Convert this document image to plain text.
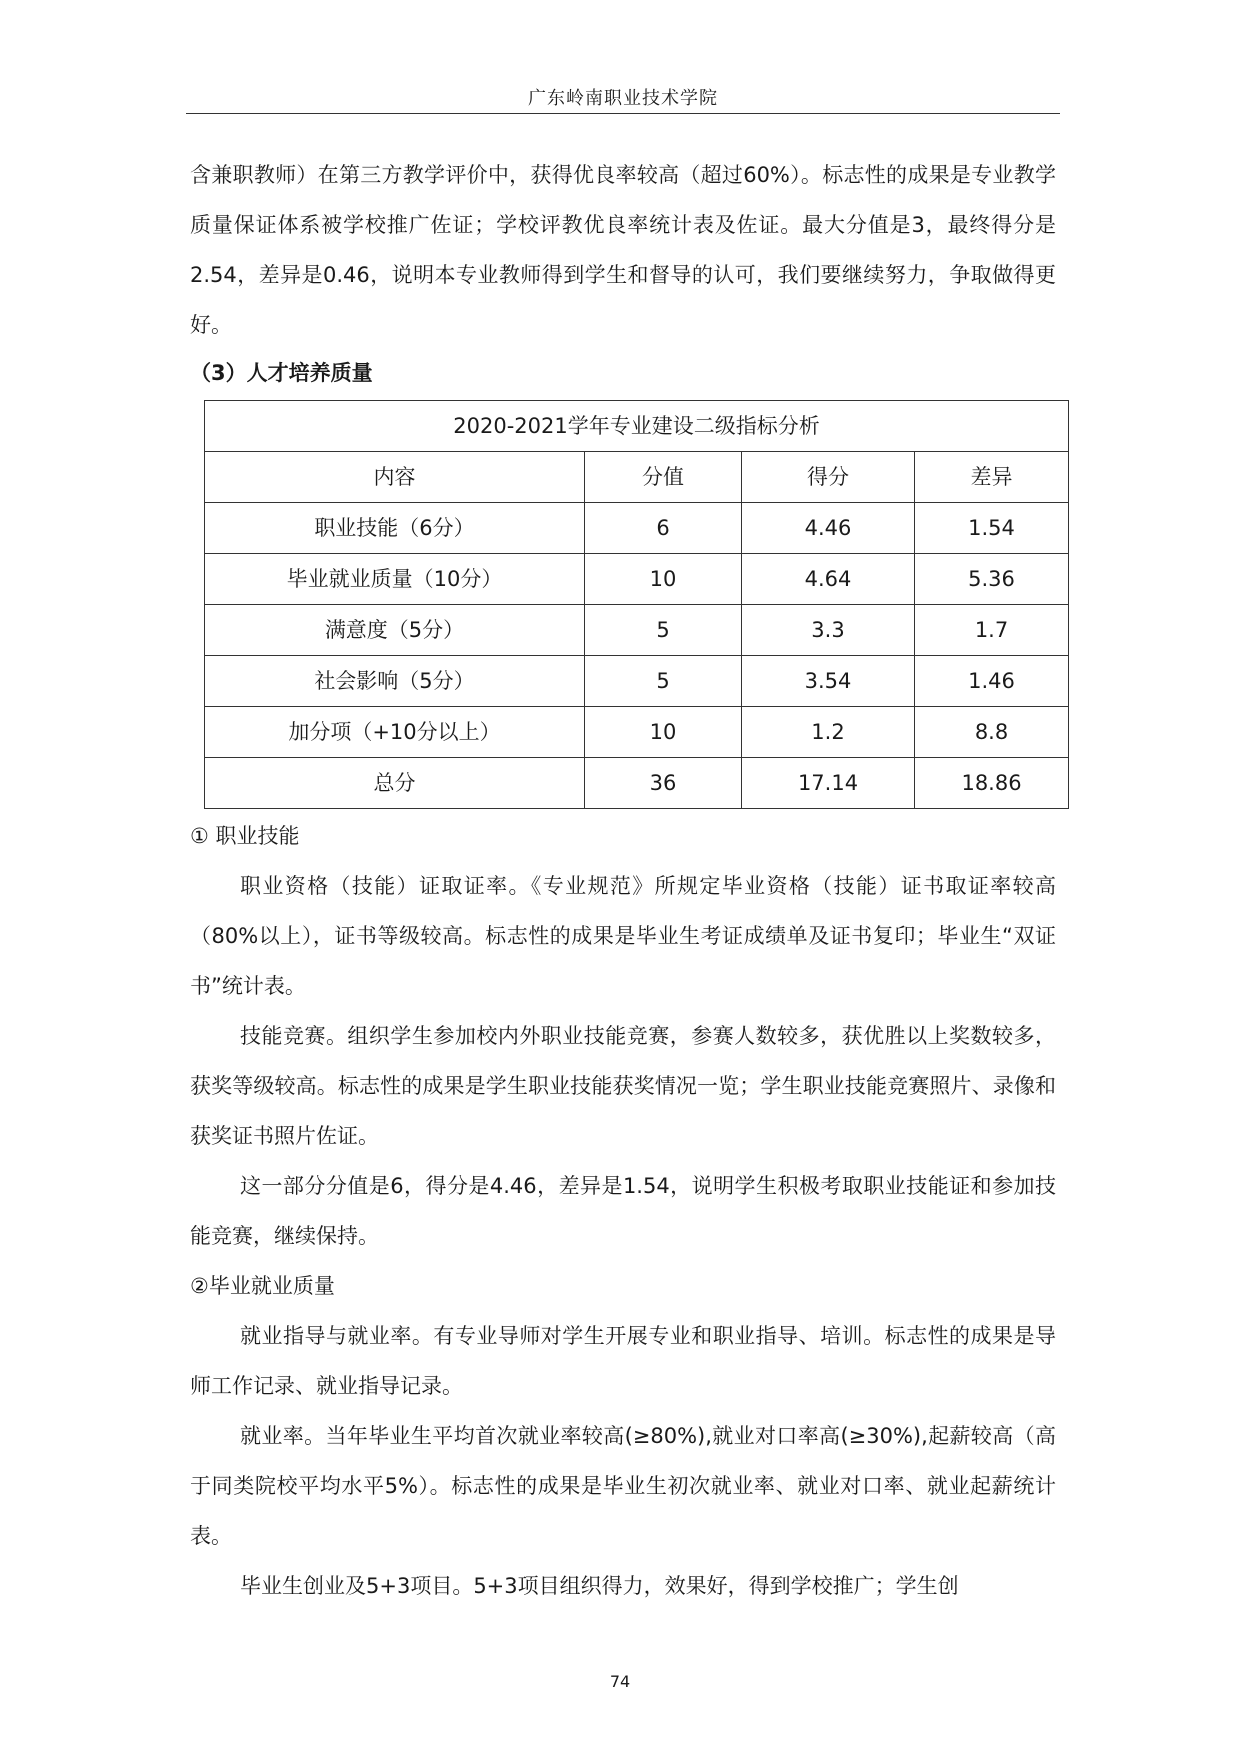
广东岭南职业技术学院

含兼职教师）在第三方教学评价中，获得优良率较高（超过60%）。标志性的成果是专业教学质量保证体系被学校推广佐证；学校评教优良率统计表及佐证。最大分值是3，最终得分是2.54，差异是0.46，说明本专业教师得到学生和督导的认可，我们要继续努力，争取做得更好。

（3）人才培养质量

2020-2021学年专业建设二级指标分析			
内容	分值	得分	差异
职业技能（6分）	6	4.46	1.54
毕业就业质量（10分）	10	4.64	5.36
满意度（5分）	5	3.3	1.7
社会影响（5分）	5	3.54	1.46
加分项（+10分以上）	10	1.2	8.8
总分	36	17.14	18.86

① 职业技能

职业资格（技能）证取证率。《专业规范》所规定毕业资格（技能）证书取证率较高（80%以上），证书等级较高。标志性的成果是毕业生考证成绩单及证书复印；毕业生“双证书”统计表。

技能竞赛。组织学生参加校内外职业技能竞赛，参赛人数较多，获优胜以上奖数较多，获奖等级较高。标志性的成果是学生职业技能获奖情况一览；学生职业技能竞赛照片、录像和获奖证书照片佐证。

这一部分分值是6，得分是4.46，差异是1.54，说明学生积极考取职业技能证和参加技能竞赛，继续保持。

②毕业就业质量

就业指导与就业率。有专业导师对学生开展专业和职业指导、培训。标志性的成果是导师工作记录、就业指导记录。

就业率。当年毕业生平均首次就业率较高(≥80%),就业对口率高(≥30%),起薪较高（高于同类院校平均水平5%）。标志性的成果是毕业生初次就业率、就业对口率、就业起薪统计表。

毕业生创业及5+3项目。5+3项目组织得力，效果好，得到学校推广；学生创

74
